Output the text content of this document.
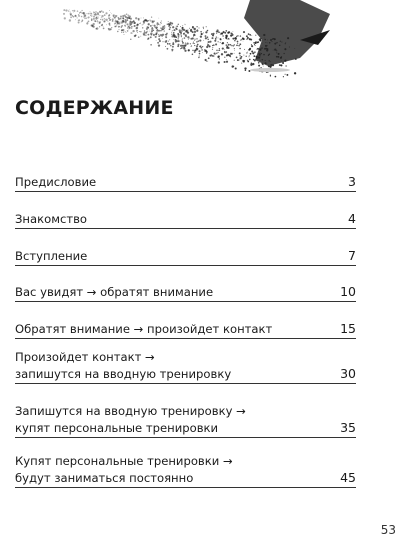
СОДЕРЖАНИЕ
Предисловие	3
Знакомство	4
Вступление	7
Вас увидят → обратят внимание	10
Обратят внимание → произойдет контакт	15
Произойдет контакт →
запишутся на вводную тренировку	30
Запишутся на вводную тренировку →
купят персональные тренировки	35
Купят персональные тренировки →
будут заниматься постоянно	45
53
